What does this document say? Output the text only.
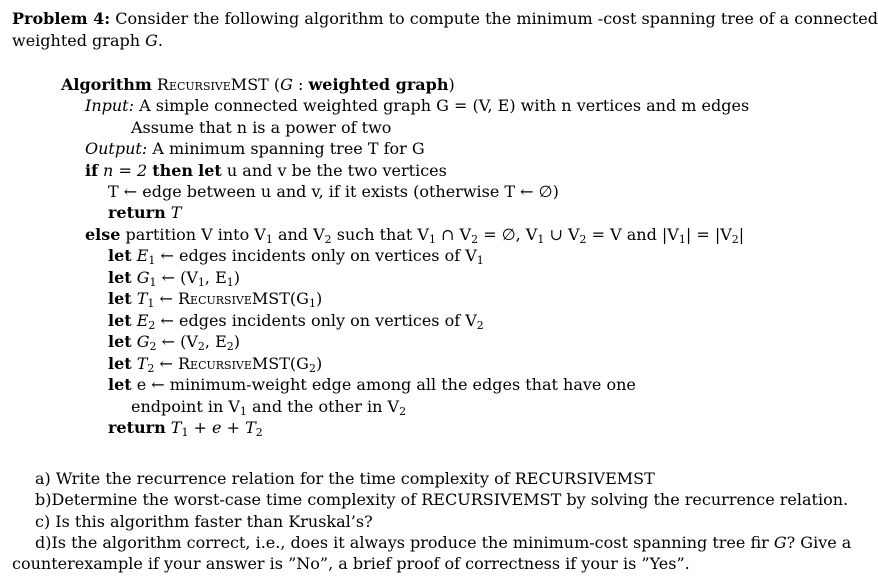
Problem 4: Consider the following algorithm to compute the minimum -cost spanning tree of a connected
weighted graph G.
Algorithm RecursiveMST (G : weighted graph)
Input: A simple connected weighted graph G = (V, E) with n vertices and m edges
Assume that n is a power of two
Output: A minimum spanning tree T for G
if n = 2 then let u and v be the two vertices
T ← edge between u and v, if it exists (otherwise T ← ∅)
return T
else partition V into $V_1$ and $V_2$ such that $V_1$ ∩ $V_2$ = ∅, $V_1$ ∪ $V_2 = V$ and $|V_1| = |V_2|$
let $E_1$ ← edges incidents only on vertices of $V_1$
let $G_1$ ← ($V_1$, $E_1$)
let $T_1$ ← $RecursiveMST(G_1)$
let $E_2$ ← edges incidents only on vertices of $V_2$
let $G_2$ ← ($V_2$, $E_2$)
let $T_2$ ← $RecursiveMST(G_2)$
let e ← minimum-weight edge among all the edges that have one
endpoint in $V_1$ and the other in $V_2$
return $T_1 + e + T_2$
a) Write the recurrence relation for the time complexity of RECURSIVEMST
b)Determine the worst-case time complexity of RECURSIVEMST by solving the recurrence relation.
c) Is this algorithm faster than Kruskal’s?
d)Is the algorithm correct, i.e., does it always produce the minimum-cost spanning tree fir G? Give a
counterexample if your answer is ”No”, a brief proof of correctness if your is ”Yes”.
